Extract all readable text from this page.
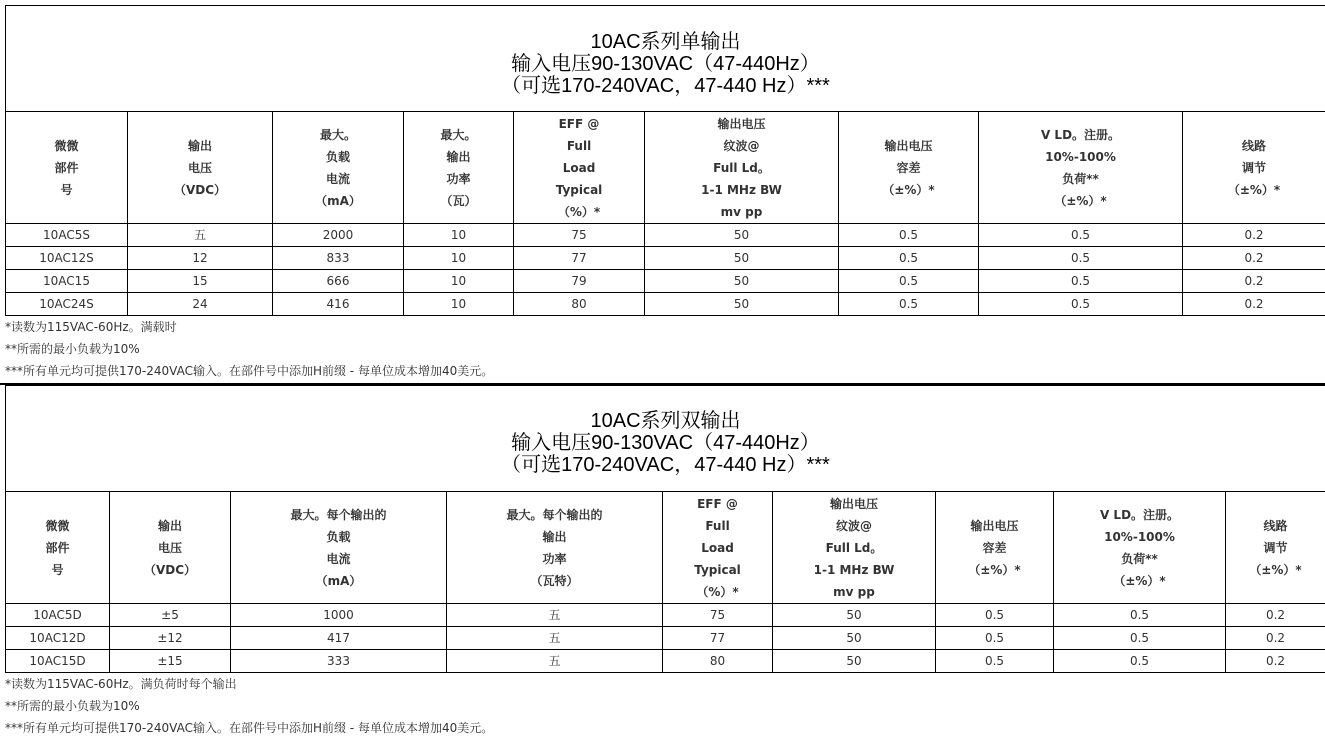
10AC系列单输出
输入电压90-130VAC（47-440Hz）
（可选170-240VAC，47-440 Hz）***
微微
部件
号	输出
电压
（VDC）	最大。
负载
电流
（mA）	最大。
输出
功率
（瓦）	EFF @
Full
Load
Typical
（%）*	输出电压
纹波@
Full Ld。
1-1 MHz BW
mv pp	输出电压
容差
（±%）*	V LD。注册。
10%-100%
负荷**
（±%）*	线路
调节
（±%）*

10AC5S	五	2000	10	75	50	0.5	0.5	0.2
10AC12S	12	833	10	77	50	0.5	0.5	0.2
10AC15	15	666	10	79	50	0.5	0.5	0.2
10AC24S	24	416	10	80	50	0.5	0.5	0.2
*读数为115VAC-60Hz。满载时
**所需的最小负载为10%
***所有单元均可提供170-240VAC输入。在部件号中添加H前缀 - 每单位成本增加40美元。
10AC系列双输出
输入电压90-130VAC（47-440Hz）
（可选170-240VAC，47-440 Hz）***
微微
部件
号	输出
电压
（VDC）	最大。每个输出的
负载
电流
（mA）	最大。每个输出的
输出
功率
（瓦特）	EFF @
Full
Load
Typical
（%）*	输出电压
纹波@
Full Ld。
1-1 MHz BW
mv pp	输出电压
容差
（±%）*	V LD。注册。
10%-100%
负荷**
（±%）*	线路
调节
（±%）*

10AC5D	±5	1000	五	75	50	0.5	0.5	0.2
10AC12D	±12	417	五	77	50	0.5	0.5	0.2
10AC15D	±15	333	五	80	50	0.5	0.5	0.2
*读数为115VAC-60Hz。满负荷时每个输出
**所需的最小负载为10%
***所有单元均可提供170-240VAC输入。在部件号中添加H前缀 - 每单位成本增加40美元。
